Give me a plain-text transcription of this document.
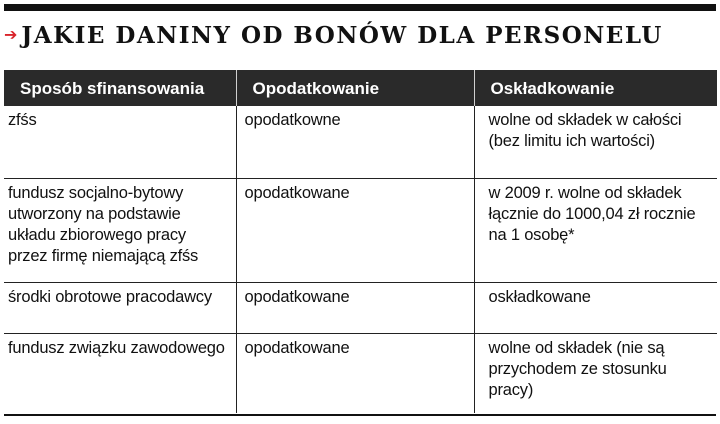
➔ JAKIE DANINY OD BONÓW DLA PERSONELU
Sposób sfinansowania	Opodatkowanie	Oskładkowanie
zfśs	opodatkowne	wolne od składek w całości (bez limitu ich wartości)
fundusz socjalno-bytowy utworzony na podstawie układu zbiorowego pracy przez firmę niemającą zfśs	opodatkowane	w 2009 r. wolne od składek łącznie do 1000,04 zł rocznie na 1 osobę*
środki obrotowe pracodawcy	opodatkowane	oskładkowane
fundusz związku zawodowego	opodatkowane	wolne od składek (nie są przychodem ze stosunku pracy)
